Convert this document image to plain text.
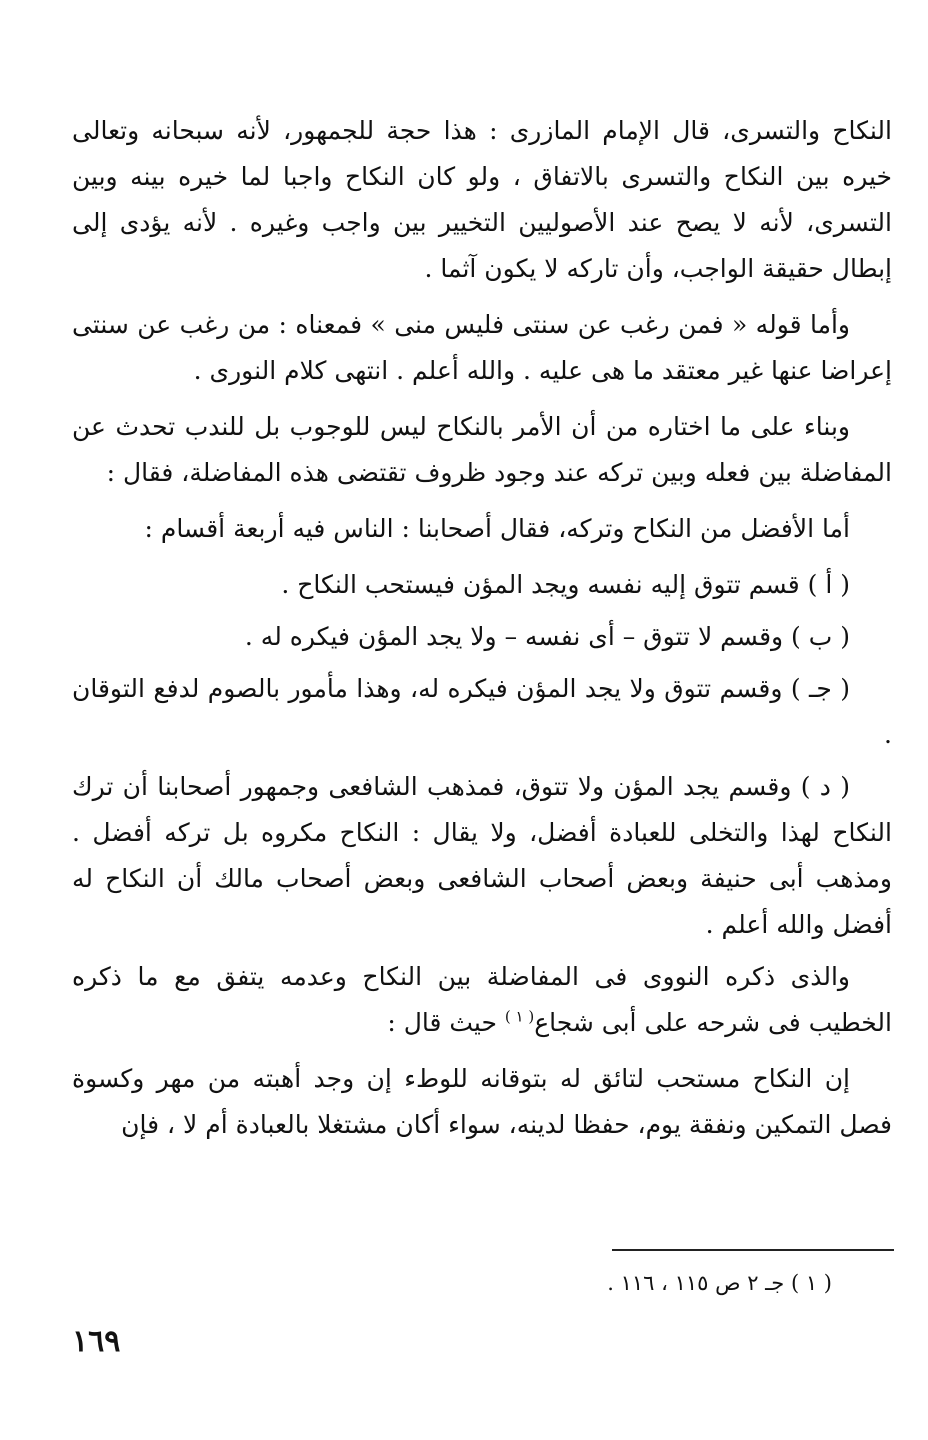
النكاح والتسرى، قال الإمام المازرى : هذا حجة للجمهور، لأنه سبحانه وتعالى خيره بين النكاح والتسرى بالاتفاق ، ولو كان النكاح واجبا لما خيره بينه وبين التسرى، لأنه لا يصح عند الأصوليين التخيير بين واجب وغيره . لأنه يؤدى إلى إبطال حقيقة الواجب، وأن تاركه لا يكون آثما .

وأما قوله « فمن رغب عن سنتى فليس منى » فمعناه : من رغب عن سنتى إعراضا عنها غير معتقد ما هى عليه . والله أعلم . انتهى كلام النورى .

وبناء على ما اختاره من أن الأمر بالنكاح ليس للوجوب بل للندب تحدث عن المفاضلة بين فعله وبين تركه عند وجود ظروف تقتضى هذه المفاضلة، فقال :

أما الأفضل من النكاح وتركه، فقال أصحابنا : الناس فيه أربعة أقسام :

( أ ) قسم تتوق إليه نفسه ويجد المؤن فيستحب النكاح .

( ب ) وقسم لا تتوق – أى نفسه – ولا يجد المؤن فيكره له .

( جـ ) وقسم تتوق ولا يجد المؤن فيكره له، وهذا مأمور بالصوم لدفع التوقان .

( د ) وقسم يجد المؤن ولا تتوق، فمذهب الشافعى وجمهور أصحابنا أن ترك النكاح لهذا والتخلى للعبادة أفضل، ولا يقال : النكاح مكروه بل تركه أفضل . ومذهب أبى حنيفة وبعض أصحاب الشافعى وبعض أصحاب مالك أن النكاح له أفضل والله أعلم .

والذى ذكره النووى فى المفاضلة بين النكاح وعدمه يتفق مع ما ذكره الخطيب فى شرحه على أبى شجاع$^{( ١ )}$ حيث قال :

إن النكاح مستحب لتائق له بتوقانه للوطء إن وجد أهبته من مهر وكسوة فصل التمكين ونفقة يوم، حفظا لدينه، سواء أكان مشتغلا بالعبادة أم لا ، فإن

( ١ ) جـ ٢ ص ١١٥ ، ١١٦ .
١٦٩
